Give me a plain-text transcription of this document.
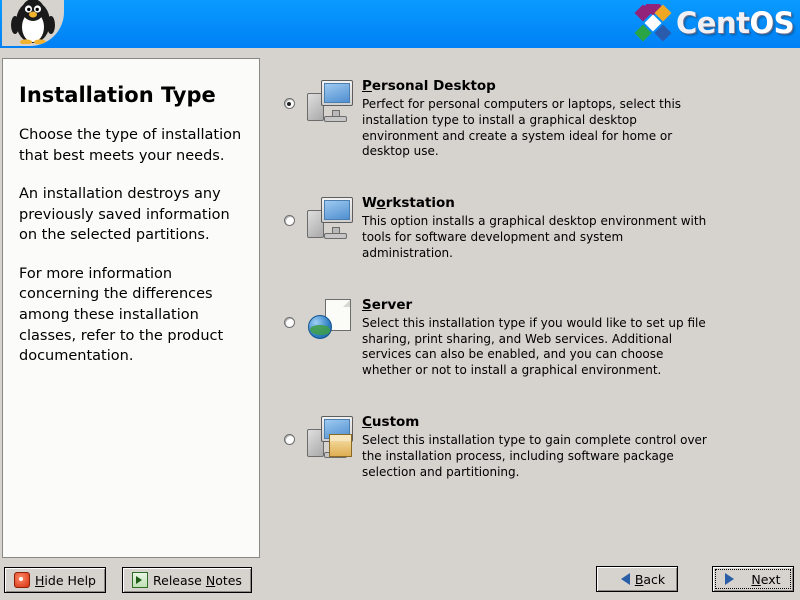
CentOS
Installation Type

Choose the type of installation that best meets your needs.

An installation destroys any previously saved information on the selected partitions.

For more information concerning the differences among these installation classes, refer to the product documentation.

Personal Desktop

Perfect for personal computers or laptops, select this installation type to install a graphical desktop environment and create a system ideal for home or desktop use.

Workstation

This option installs a graphical desktop environment with tools for software development and system administration.

Server

Select this installation type if you would like to set up file sharing, print sharing, and Web services. Additional services can also be enabled, and you can choose whether or not to install a graphical environment.

Custom

Select this installation type to gain complete control over the installation process, including software package selection and partitioning.

Hide Help	Release Notes	Back	Next
